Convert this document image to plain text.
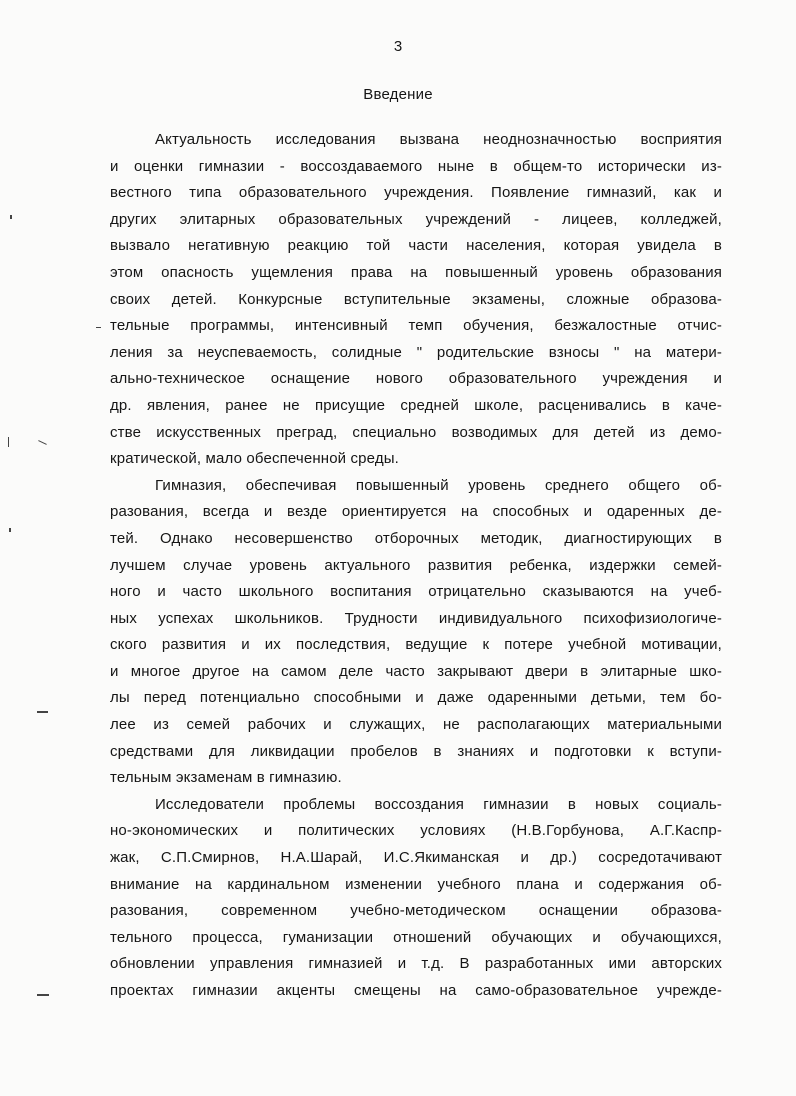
3
Введение
Актуальность исследования вызвана неоднозначностью восприятия
и оценки гимназии - воссоздаваемого ныне в общем-то исторически из-
вестного типа образовательного учреждения. Появление гимназий, как и
других элитарных образовательных учреждений - лицеев, колледжей,
вызвало негативную реакцию той части населения, которая увидела в
этом опасность ущемления права на повышенный уровень образования
своих детей. Конкурсные вступительные экзамены, сложные образова-
тельные программы, интенсивный темп обучения, безжалостные отчис-
ления за неуспеваемость, солидные " родительские взносы " на матери-
ально-техническое оснащение нового образовательного учреждения и
др. явления, ранее не присущие средней школе, расценивались в каче-
стве искусственных преград, специально возводимых для детей из демо-
кратической, мало обеспеченной среды.
Гимназия, обеспечивая повышенный уровень среднего общего об-
разования, всегда и везде ориентируется на способных и одаренных де-
тей. Однако несовершенство отборочных методик, диагностирующих в
лучшем случае уровень актуального развития ребенка, издержки семей-
ного и часто школьного воспитания отрицательно сказываются на учеб-
ных успехах школьников. Трудности индивидуального психофизиологиче-
ского развития и их последствия, ведущие к потере учебной мотивации,
и многое другое на самом деле часто закрывают двери в элитарные шко-
лы перед потенциально способными и даже одаренными детьми, тем бо-
лее из семей рабочих и служащих, не располагающих материальными
средствами для ликвидации пробелов в знаниях и подготовки к вступи-
тельным экзаменам в гимназию.
Исследователи проблемы воссоздания гимназии в новых социаль-
но-экономических и политических условиях (Н.В.Горбунова, А.Г.Каспр-
жак, С.П.Смирнов, Н.А.Шарай, И.С.Якиманская и др.) сосредотачивают
внимание на кардинальном изменении учебного плана и содержания об-
разования, современном учебно-методическом оснащении образова-
тельного процесса, гуманизации отношений обучающих и обучающихся,
обновлении управления гимназией и т.д. В разработанных ими авторских
проектах гимназии акценты смещены на само-образовательное учрежде-
